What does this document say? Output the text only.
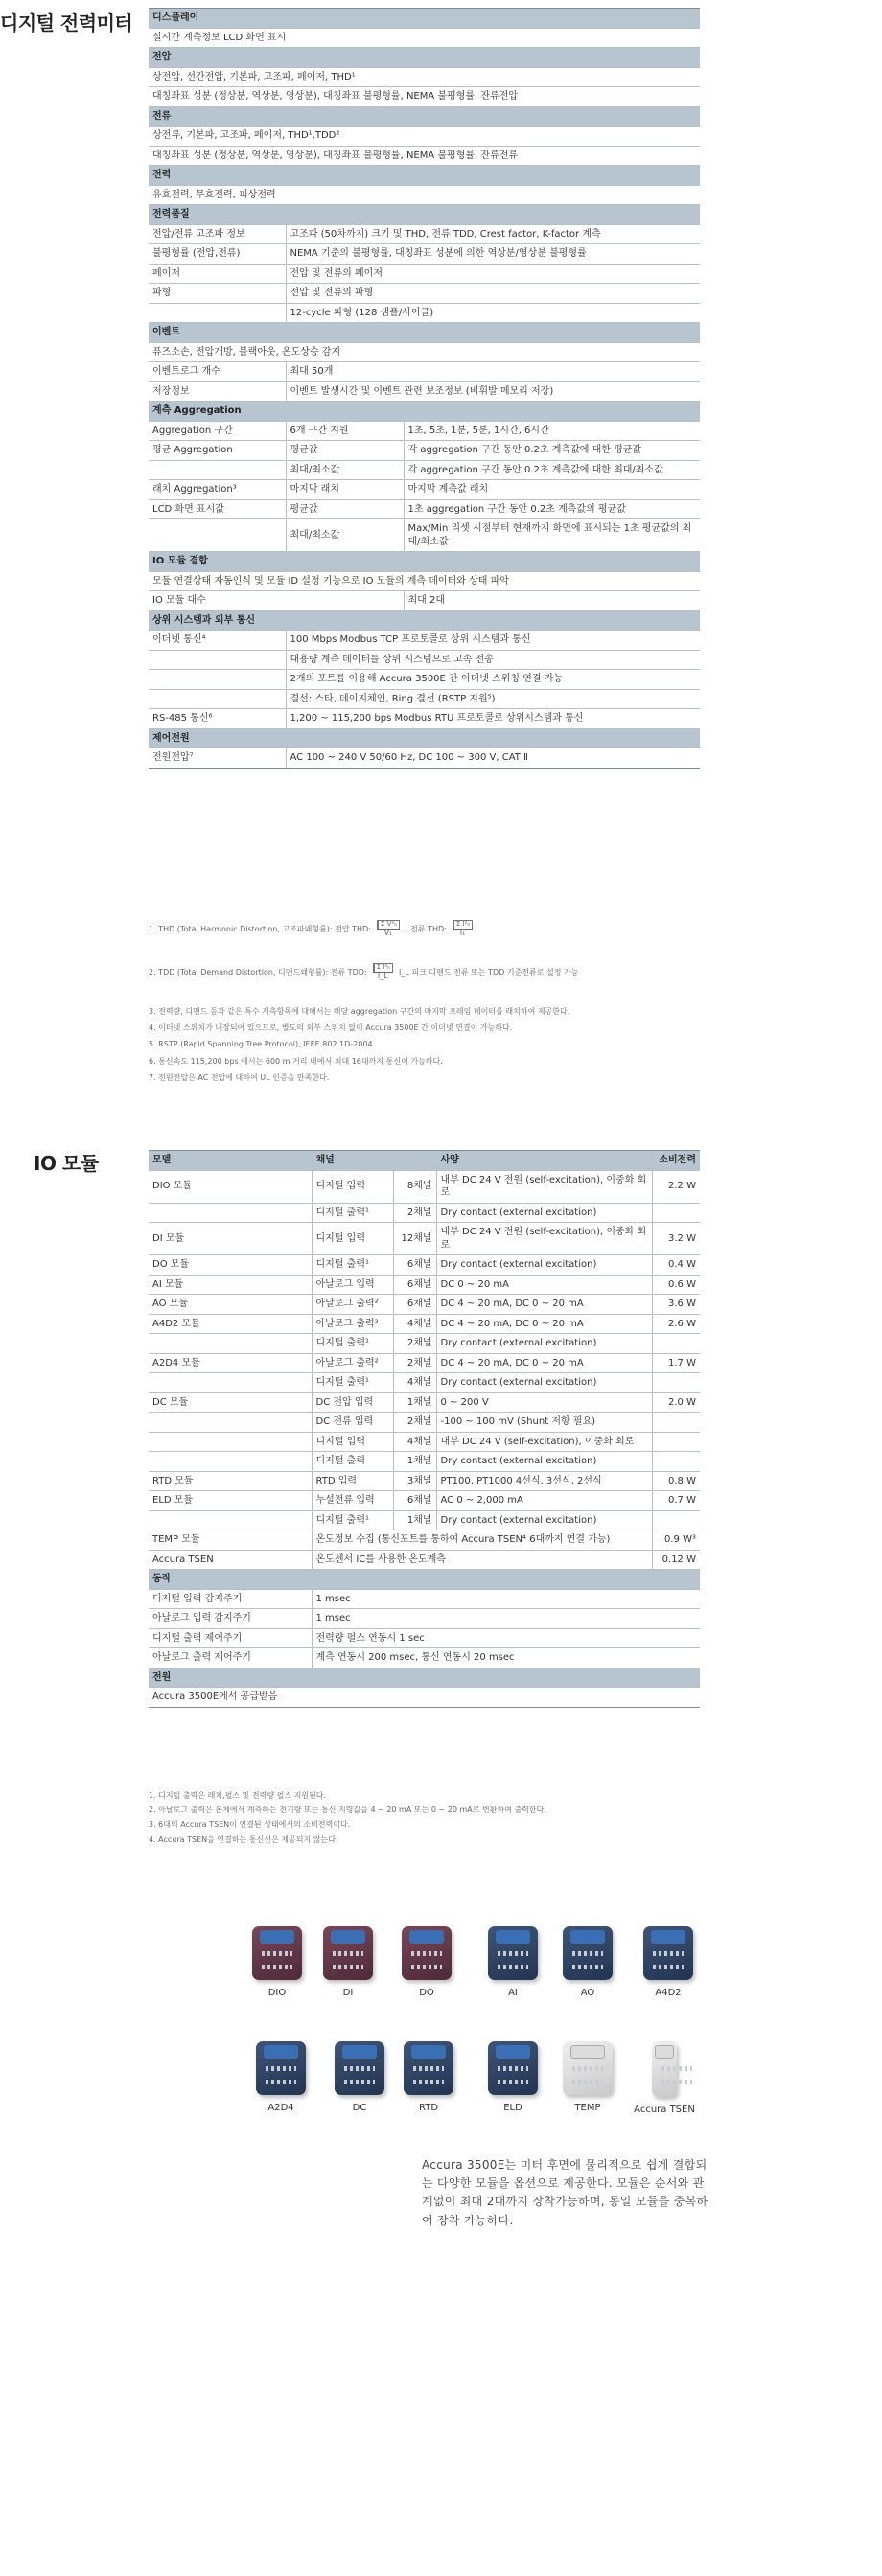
디지털 전력미터 디스플레이		
실시간 계측정보 LCD 화면 표시		
전압		
상전압, 선간전압, 기본파, 고조파, 페이저, THD¹		
대칭좌표 성분 (정상분, 역상분, 영상분), 대칭좌표 불평형률, NEMA 불평형률, 잔류전압		
전류		
상전류, 기본파, 고조파, 페이저, THD¹,TDD²		
대칭좌표 성분 (정상분, 역상분, 영상분), 대칭좌표 불평형률, NEMA 불평형률, 잔류전류		
전력		
유효전력, 무효전력, 피상전력		
전력품질		
전압/전류 고조파 정보	고조파 (50차까지) 크기 및 THD, 전류 TDD, Crest factor, K-factor 계측	
불평형률 (전압,전류)	NEMA 기준의 불평형률, 대칭좌표 성분에 의한 역상분/영상분 불평형률	
페이저	전압 및 전류의 페이저	
파형	전압 및 전류의 파형	
	12-cycle 파형 (128 샘플/사이클)	
이벤트		
퓨즈소손, 전압개방, 블랙아웃, 온도상승 감지		
이벤트로그 개수	최대 50개	
저장정보	이벤트 발생시간 및 이벤트 관련 보조정보 (비휘발 메모리 저장)	
계측 Aggregation		
Aggregation 구간	6개 구간 지원	1초, 5초, 1분, 5분, 1시간, 6시간
평균 Aggregation	평균값	각 aggregation 구간 동안 0.2초 계측값에 대한 평균값
	최대/최소값	각 aggregation 구간 동안 0.2초 계측값에 대한 최대/최소값
래치 Aggregation³	마지막 래치	마지막 계측값 래치
LCD 화면 표시값	평균값	1초 aggregation 구간 동안 0.2초 계측값의 평균값
	최대/최소값	Max/Min 리셋 시점부터 현재까지 화면에 표시되는 1초 평균값의 최대/최소값
IO 모듈 결합		
모듈 연결상태 자동인식 및 모듈 ID 설정 기능으로 IO 모듈의 계측 데이터와 상태 파악		
IO 모듈 대수		최대 2대
상위 시스템과 외부 통신		
이더넷 통신⁴	100 Mbps Modbus TCP 프로토콜로 상위 시스템과 통신	
	대용량 계측 데이터를 상위 시스템으로 고속 전송	
	2개의 포트를 이용해 Accura 3500E 간 이더넷 스위칭 연결 가능	
	결선: 스타, 데이지체인, Ring 결선 (RSTP 지원⁵)	
RS-485 통신⁶	1,200 ~ 115,200 bps Modbus RTU 프로토콜로 상위시스템과 통신	
제어전원		
전원전압⁷	AC 100 ~ 240 V 50/60 Hz, DC 100 ~ 300 V, CAT Ⅱ	
1. THD (Total Harmonic Distortion, 고조파왜형률): 전압 THD: $\frac{\text{Σ V²ₕ}}{\text{V₁}}$ , 전류 THD: $\frac{\text{Σ I²ₕ}}{\text{I₁}}$
2. TDD (Total Demand Distortion, 디맨드왜형률): 전류 TDD: $\frac{\text{Σ I²ₕ}}{I\_L}$ I_L 피크 디맨드 전류 또는 TDD 기준전류로 설정 가능
3. 전력량, 디맨드 등과 같은 특수 계측항목에 대해서는 해당 aggregation 구간의 마지막 프레임 데이터를 래치하여 제공한다.
4. 이더넷 스위치가 내장되어 있으므로, 별도의 외부 스위치 없이 Accura 3500E 간 이더넷 연결이 가능하다.
5. RSTP (Rapid Spanning Tree Protocol), IEEE 802.1D-2004
6. 통신속도 115,200 bps 에서는 600 m 거리 내에서 최대 16대까지 통신이 가능하다.
7. 전원전압은 AC 전압에 대하여 UL 인증을 만족한다.
IO 모듈	모델	채널		사양	소비전력
DIO 모듈	디지털 입력	8채널	내부 DC 24 V 전원 (self-excitation), 이중화 회로	2.2 W
	디지털 출력¹	2채널	Dry contact (external excitation)	
DI 모듈	디지털 입력	12채널	내부 DC 24 V 전원 (self-excitation), 이중화 회로	3.2 W
DO 모듈	디지털 출력¹	6채널	Dry contact (external excitation)	0.4 W
AI 모듈	아날로그 입력	6채널	DC 0 ~ 20 mA	0.6 W
AO 모듈	아날로그 출력²	6채널	DC 4 ~ 20 mA, DC 0 ~ 20 mA	3.6 W
A4D2 모듈	아날로그 출력²	4채널	DC 4 ~ 20 mA, DC 0 ~ 20 mA	2.6 W
	디지털 출력¹	2채널	Dry contact (external excitation)	
A2D4 모듈	아날로그 출력²	2채널	DC 4 ~ 20 mA, DC 0 ~ 20 mA	1.7 W
	디지털 출력¹	4채널	Dry contact (external excitation)	
DC 모듈	DC 전압 입력	1채널	0 ~ 200 V	2.0 W
	DC 전류 입력	2채널	-100 ~ 100 mV (Shunt 저항 필요)	
	디지털 입력	4채널	내부 DC 24 V (self-excitation), 이중화 회로	
	디지털 출력	1채널	Dry contact (external excitation)	
RTD 모듈	RTD 입력	3채널	PT100, PT1000 4선식, 3선식, 2선식	0.8 W
ELD 모듈	누설전류 입력	6채널	AC 0 ~ 2,000 mA	0.7 W
	디지털 출력¹	1채널	Dry contact (external excitation)	
TEMP 모듈	온도정보 수집 (통신포트를 통하여 Accura TSEN⁴ 6대까지 연결 가능)			0.9 W³
Accura TSEN	온도센서 IC를 사용한 온도계측			0.12 W
동작				
디지털 입력 감지주기	1 msec			
아날로그 입력 감지주기	1 msec			
디지털 출력 제어주기	전력량 펄스 연동시 1 sec			
아날로그 출력 제어주기	계측 연동시 200 msec, 통신 연동시 20 msec			
전원				
Accura 3500E에서 공급받음				
1. 디지털 출력은 래치,펄스 및 전력량 펄스 지원된다.
2. 아날로그 출력은 본체에서 계측하는 전기량 또는 통신 지령값을 4 ~ 20 mA 또는 0 ~ 20 mA로 변환하여 출력한다.
3. 6대의 Accura TSEN이 연결된 상태에서의 소비전력이다.
4. Accura TSEN을 연결하는 통신선은 제공되지 않는다.
DIO	DI	DO	AI	AO	A4D2
A2D4	DC	RTD	ELD	TEMP	Accura TSEN
Accura 3500E는 미터 후면에 물리적으로 쉽게 결합되는 다양한 모듈을 옵션으로 제공한다. 모듈은 순서와 관계없이 최대 2대까지 장착가능하며, 동일 모듈을 중복하여 장착 가능하다.
